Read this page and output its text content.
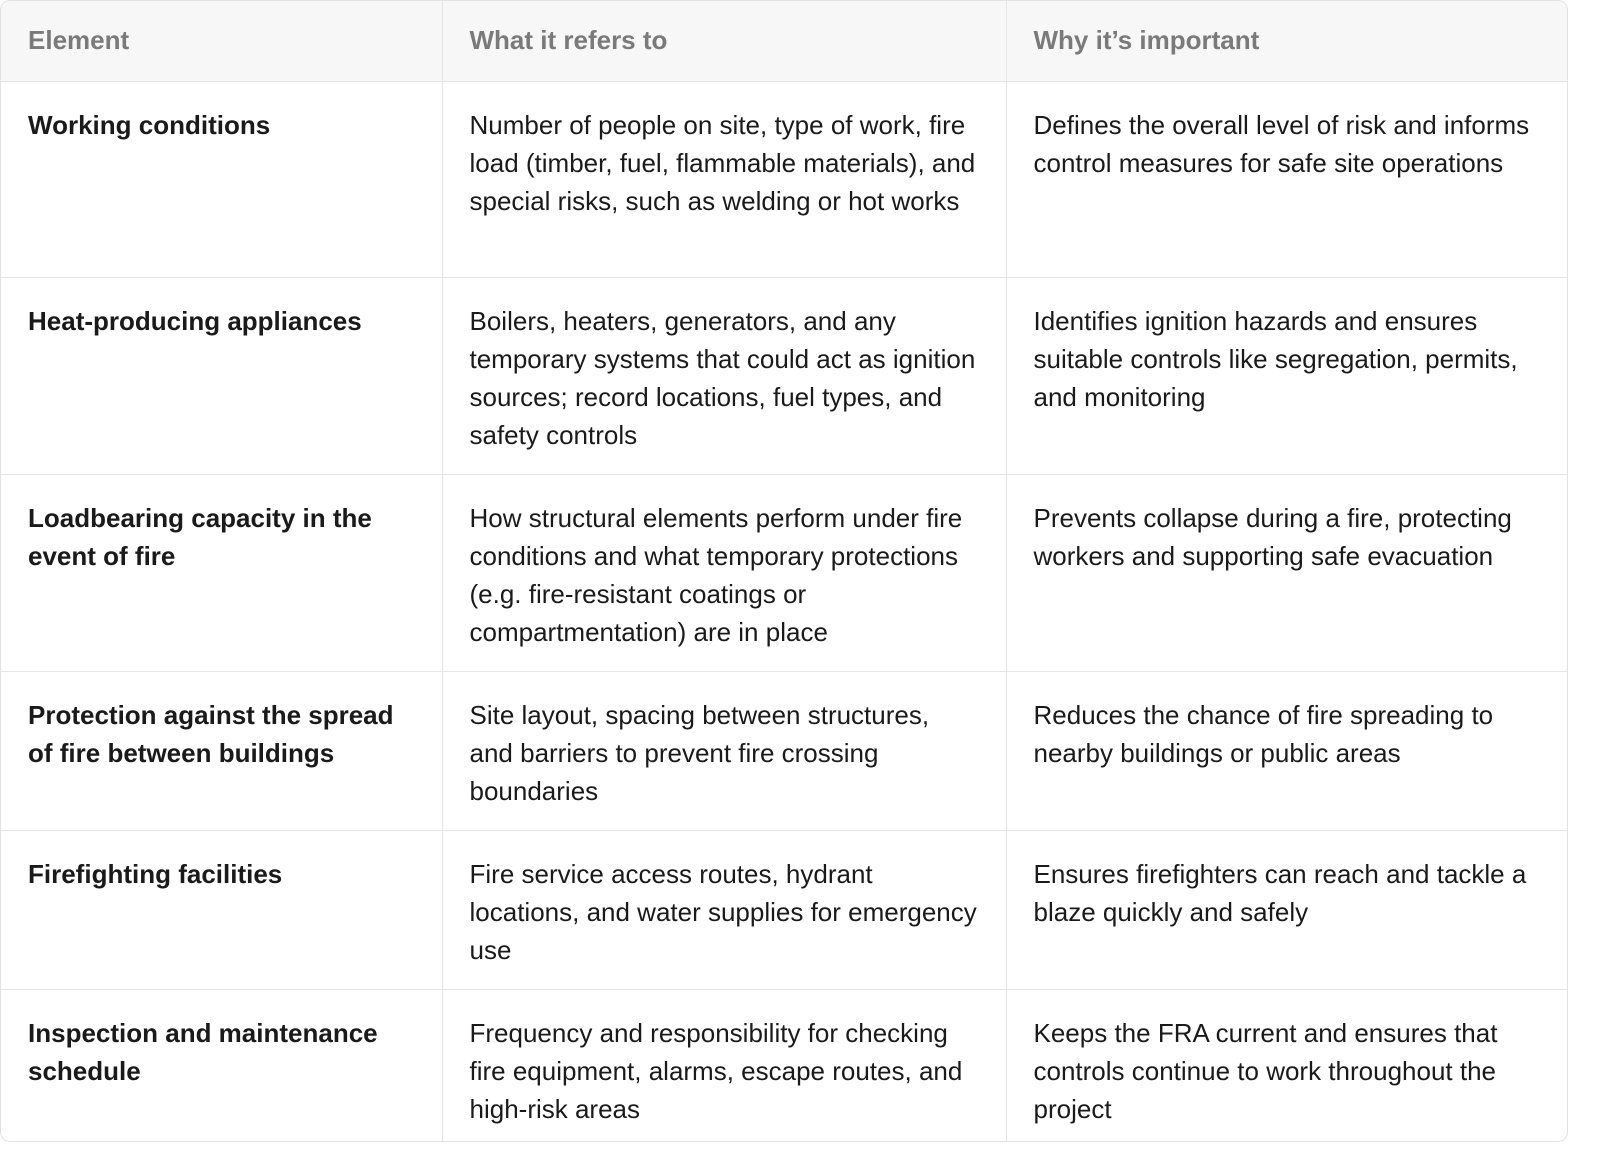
Element	What it refers to	Why it’s important
Working conditions	Number of people on site, type of work, fire load (timber, fuel, flammable materials), and special risks, such as welding or hot works	Defines the overall level of risk and informs control measures for safe site operations
Heat-producing appliances	Boilers, heaters, generators, and any temporary systems that could act as ignition sources; record locations, fuel types, and safety controls	Identifies ignition hazards and ensures suitable controls like segregation, permits, and monitoring
Loadbearing capacity in the event of fire	How structural elements perform under fire conditions and what temporary protections (e.g. fire-resistant coatings or compartmentation) are in place	Prevents collapse during a fire, protecting workers and supporting safe evacuation
Protection against the spread of fire between buildings	Site layout, spacing between structures, and barriers to prevent fire crossing boundaries	Reduces the chance of fire spreading to nearby buildings or public areas
Firefighting facilities	Fire service access routes, hydrant locations, and water supplies for emergency use	Ensures firefighters can reach and tackle a blaze quickly and safely
Inspection and maintenance schedule	Frequency and responsibility for checking fire equipment, alarms, escape routes, and high-risk areas	Keeps the FRA current and ensures that controls continue to work throughout the project
